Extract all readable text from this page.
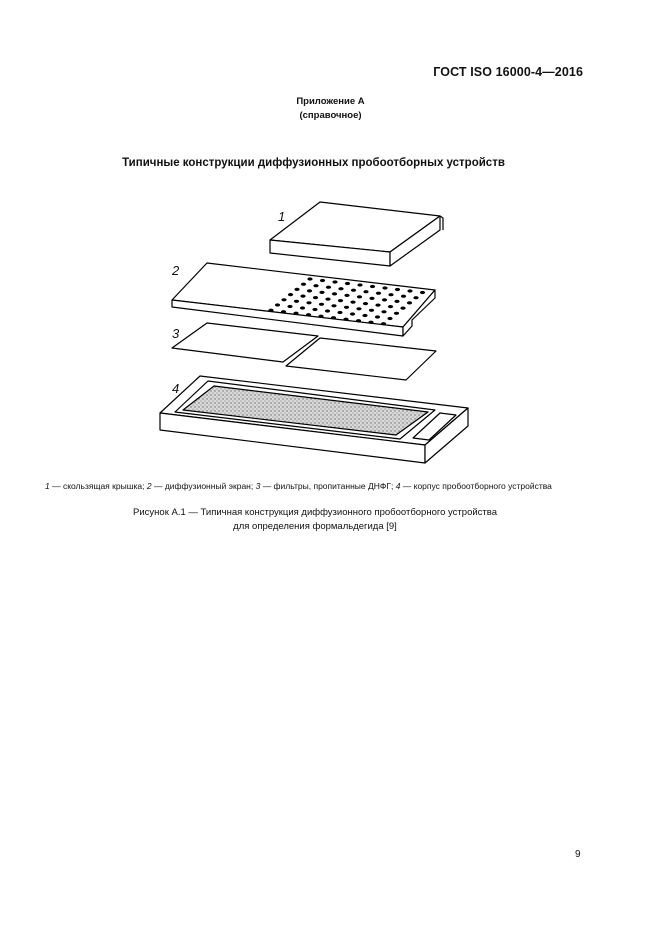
ГОСТ ISO 16000-4—2016
Приложение А
(справочное)
Типичные конструкции диффузионных пробоотборных устройств
1
2
3
4
1 — скользящая крышка; 2 — диффузионный экран; 3 — фильтры, пропитанные ДНФГ; 4 — корпус пробоотборного устройства
Рисунок А.1 — Типичная конструкция диффузионного пробоотборного устройства
для определения формальдегида [9]
9
